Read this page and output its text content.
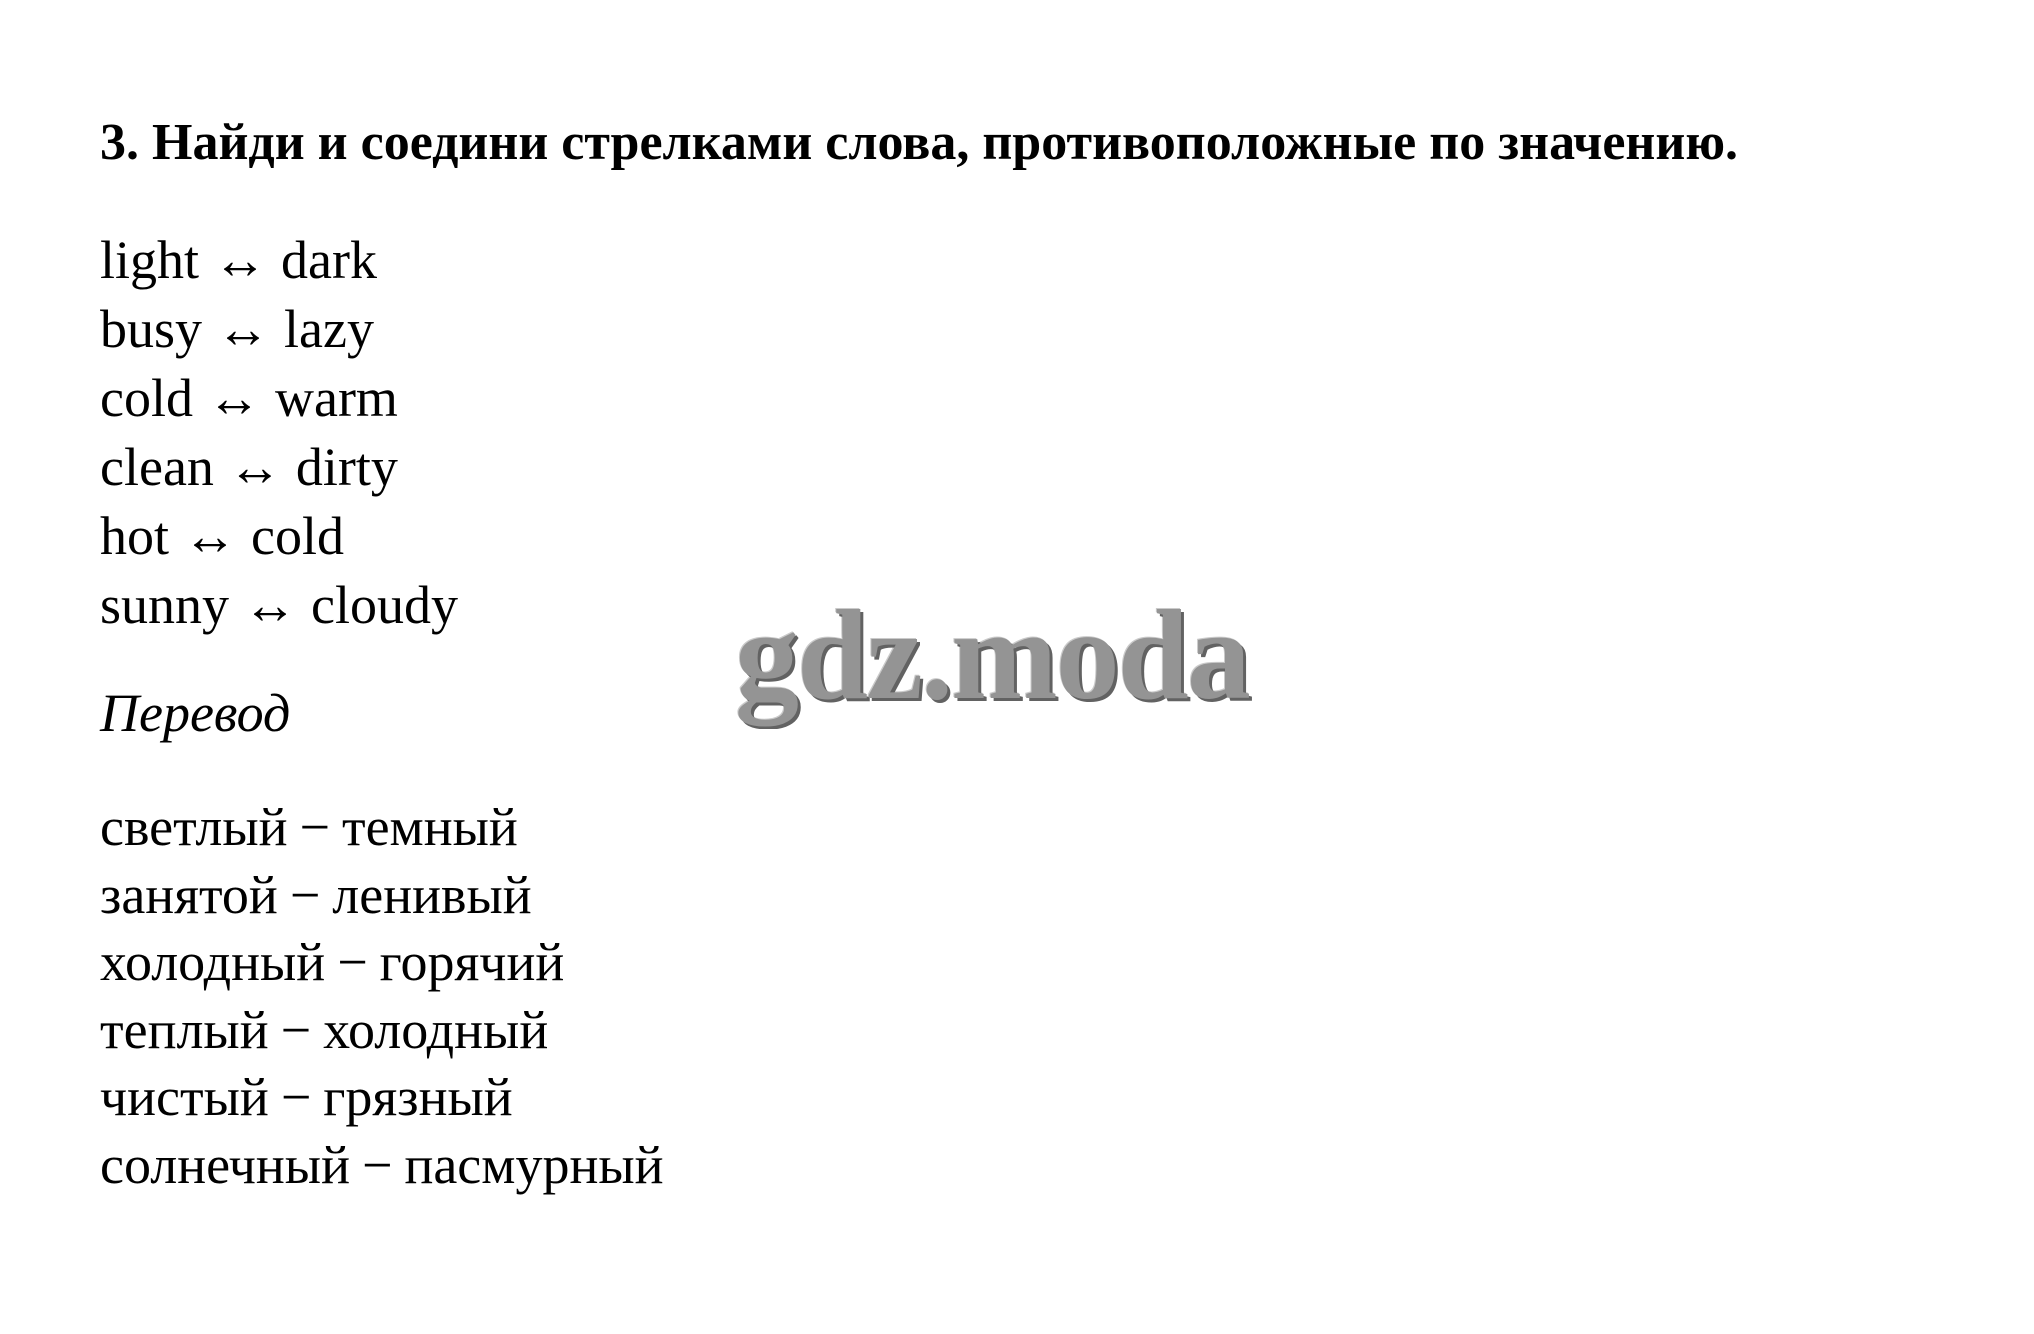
3. Найди и соедини стрелками слова, противоположные по значению.
light ↔ dark
busy ↔ lazy
cold ↔ warm
clean ↔ dirty
hot ↔ cold
sunny ↔ cloudy
Перевод
светлый − темный
занятой − ленивый
холодный − горячий
теплый − холодный
чистый − грязный
солнечный − пасмурный
gdz.moda
